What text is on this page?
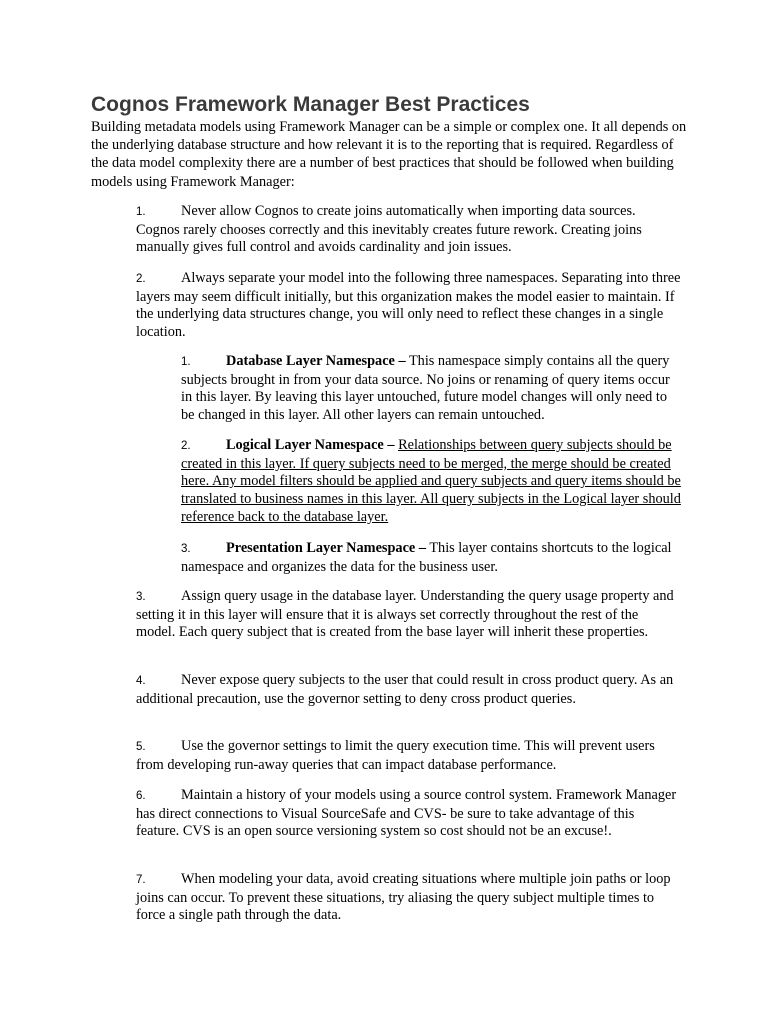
Cognos Framework Manager Best Practices

Building metadata models using Framework Manager can be a simple or complex one. It all depends on the underlying database structure and how relevant it is to the reporting that is required. Regardless of the data model complexity there are a number of best practices that should be followed when building models using Framework Manager:

1. Never allow Cognos to create joins automatically when importing data sources. Cognos rarely chooses correctly and this inevitably creates future rework. Creating joins manually gives full control and avoids cardinality and join issues.

2. Always separate your model into the following three namespaces. Separating into three layers may seem difficult initially, but this organization makes the model easier to maintain. If the underlying data structures change, you will only need to reflect these changes in a single location.

1. Database Layer Namespace – This namespace simply contains all the query subjects brought in from your data source. No joins or renaming of query items occur in this layer. By leaving this layer untouched, future model changes will only need to be changed in this layer. All other layers can remain untouched.

2. Logical Layer Namespace – Relationships between query subjects should be created in this layer. If query subjects need to be merged, the merge should be created here. Any model filters should be applied and query subjects and query items should be translated to business names in this layer. All query subjects in the Logical layer should reference back to the database layer.

3. Presentation Layer Namespace – This layer contains shortcuts to the logical namespace and organizes the data for the business user.

3. Assign query usage in the database layer. Understanding the query usage property and setting it in this layer will ensure that it is always set correctly throughout the rest of the model. Each query subject that is created from the base layer will inherit these properties.

4. Never expose query subjects to the user that could result in cross product query. As an additional precaution, use the governor setting to deny cross product queries.

5. Use the governor settings to limit the query execution time. This will prevent users from developing run-away queries that can impact database performance.

6. Maintain a history of your models using a source control system. Framework Manager has direct connections to Visual SourceSafe and CVS- be sure to take advantage of this feature. CVS is an open source versioning system so cost should not be an excuse!.

7. When modeling your data, avoid creating situations where multiple join paths or loop joins can occur. To prevent these situations, try aliasing the query subject multiple times to force a single path through the data.
